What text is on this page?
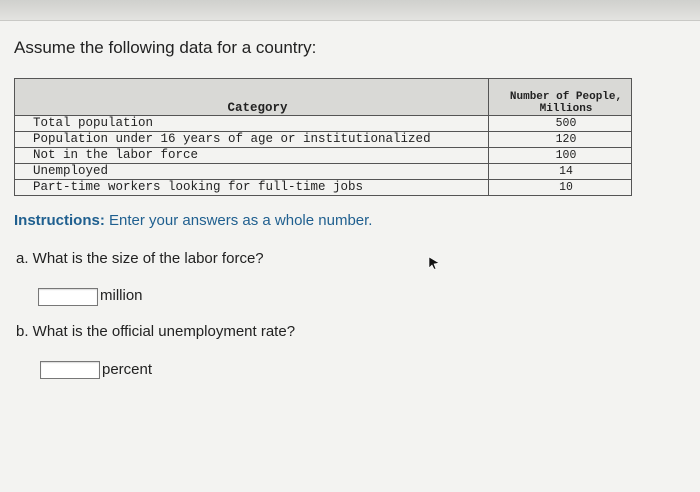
Assume the following data for a country:
Category	Number of People, Millions
Total population	500
Population under 16 years of age or institutionalized	120
Not in the labor force	100
Unemployed	14
Part-time workers looking for full-time jobs	10
Instructions: Enter your answers as a whole number.
a. What is the size of the labor force?
million
b. What is the official unemployment rate?
percent
